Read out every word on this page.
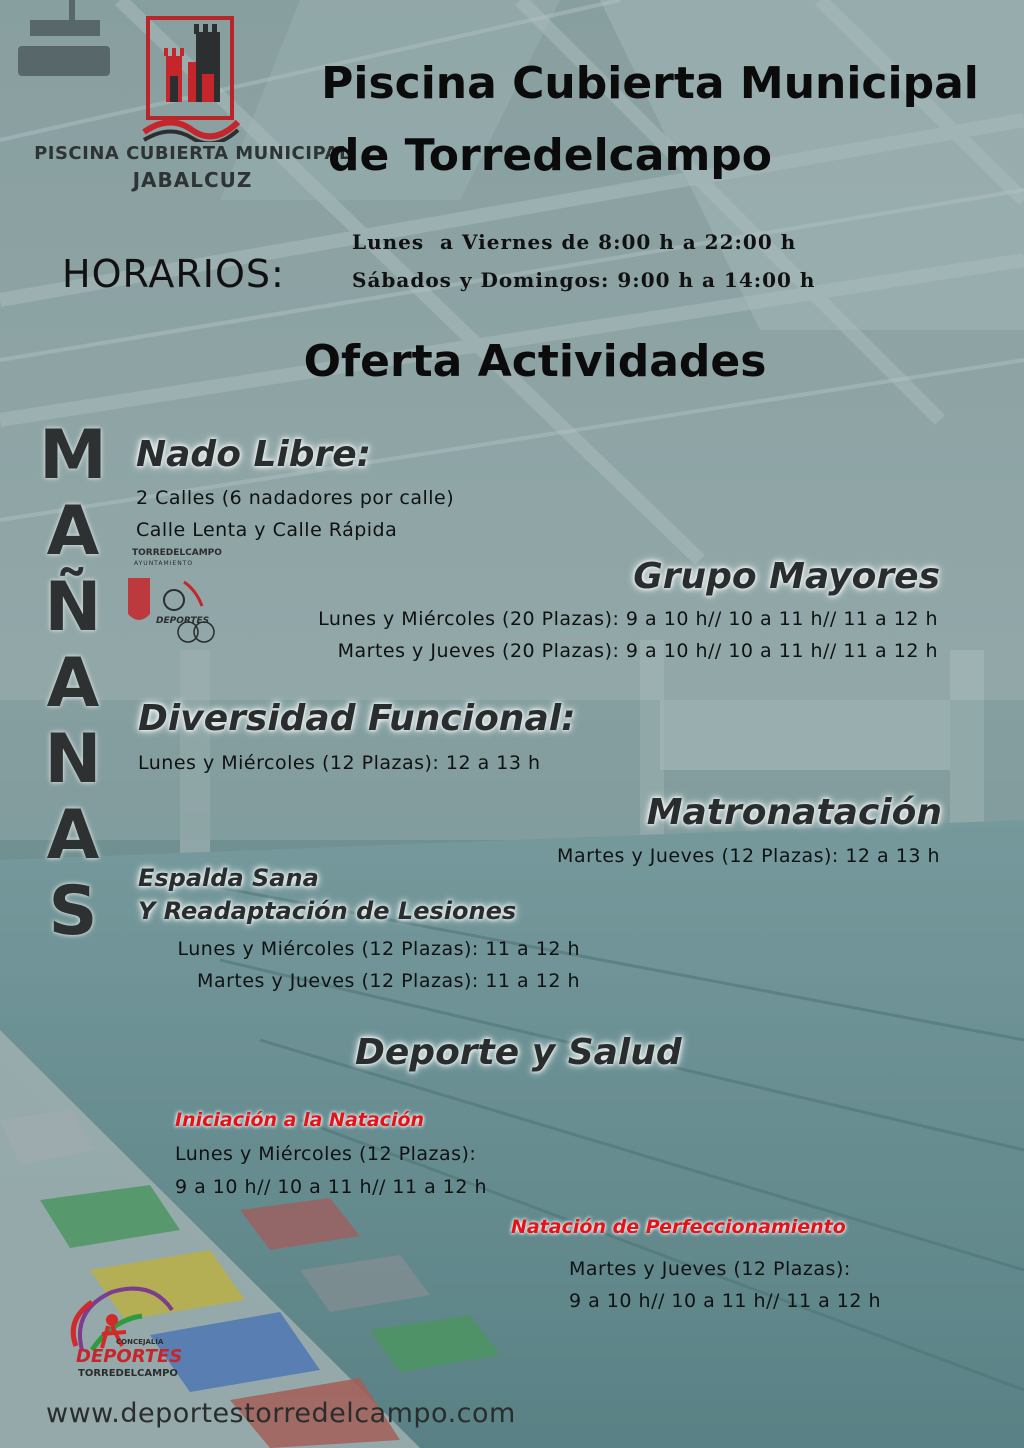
PISCINA CUBIERTA MUNICIPAL
JABALCUZ
Piscina Cubierta Municipal
de Torredelcampo
HORARIOS:
Lunes  a Viernes de 8:00 h a 22:00 h
Sábados y Domingos: 9:00 h a 14:00 h
Oferta Actividades
M
A
Ñ
A
N
A
S
TORREDELCAMPO
AYUNTAMIENTO
DEPORTES
Nado Libre:
2 Calles (6 nadadores por calle)
Calle Lenta y Calle Rápida
Grupo Mayores
Lunes y Miércoles (20 Plazas): 9 a 10 h// 10 a 11 h// 11 a 12 h
Martes y Jueves (20 Plazas): 9 a 10 h// 10 a 11 h// 11 a 12 h
Diversidad Funcional:
Lunes y Miércoles (12 Plazas): 12 a 13 h
Matronatación
Martes y Jueves (12 Plazas): 12 a 13 h
Espalda Sana
Y Readaptación de Lesiones
Lunes y Miércoles (12 Plazas): 11 a 12 h
Martes y Jueves (12 Plazas): 11 a 12 h
Deporte y Salud
Iniciación a la Natación
Lunes y Miércoles (12 Plazas):
9 a 10 h// 10 a 11 h// 11 a 12 h
Natación de Perfeccionamiento
Martes y Jueves (12 Plazas):
9 a 10 h// 10 a 11 h// 11 a 12 h
CONCEJALÍA
DEPORTES
TORREDELCAMPO
www.deportestorredelcampo.com
